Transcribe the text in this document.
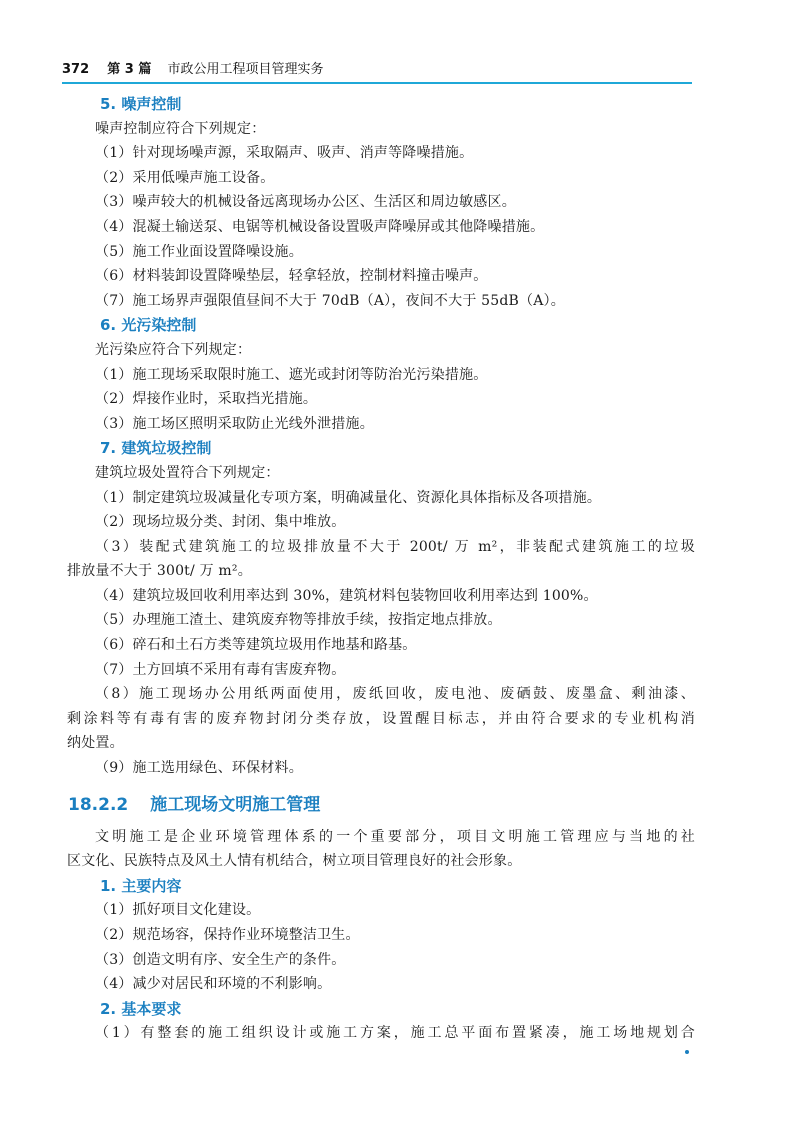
372 第 3 篇 市政公用工程项目管理实务
5. 噪声控制
噪声控制应符合下列规定：
（1）针对现场噪声源，采取隔声、吸声、消声等降噪措施。
（2）采用低噪声施工设备。
（3）噪声较大的机械设备远离现场办公区、生活区和周边敏感区。
（4）混凝土输送泵、电锯等机械设备设置吸声降噪屏或其他降噪措施。
（5）施工作业面设置降噪设施。
（6）材料装卸设置降噪垫层，轻拿轻放，控制材料撞击噪声。
（7）施工场界声强限值昼间不大于 70dB（A），夜间不大于 55dB（A）。
6. 光污染控制
光污染应符合下列规定：
（1）施工现场采取限时施工、遮光或封闭等防治光污染措施。
（2）焊接作业时，采取挡光措施。
（3）施工场区照明采取防止光线外泄措施。
7. 建筑垃圾控制
建筑垃圾处置符合下列规定：
（1）制定建筑垃圾减量化专项方案，明确减量化、资源化具体指标及各项措施。
（2）现场垃圾分类、封闭、集中堆放。
（3）装配式建筑施工的垃圾排放量不大于 200t/ 万 m²，非装配式建筑施工的垃圾
排放量不大于 300t/ 万 m²。
（4）建筑垃圾回收利用率达到 30%，建筑材料包装物回收利用率达到 100%。
（5）办理施工渣土、建筑废弃物等排放手续，按指定地点排放。
（6）碎石和土石方类等建筑垃圾用作地基和路基。
（7）土方回填不采用有毒有害废弃物。
（8）施工现场办公用纸两面使用，废纸回收，废电池、废硒鼓、废墨盒、剩油漆、
剩涂料等有毒有害的废弃物封闭分类存放，设置醒目标志，并由符合要求的专业机构消
纳处置。
（9）施工选用绿色、环保材料。
18.2.2 施工现场文明施工管理
文明施工是企业环境管理体系的一个重要部分，项目文明施工管理应与当地的社
区文化、民族特点及风土人情有机结合，树立项目管理良好的社会形象。
1. 主要内容
（1）抓好项目文化建设。
（2）规范场容，保持作业环境整洁卫生。
（3）创造文明有序、安全生产的条件。
（4）减少对居民和环境的不利影响。
2. 基本要求
（1）有整套的施工组织设计或施工方案，施工总平面布置紧凑，施工场地规划合
